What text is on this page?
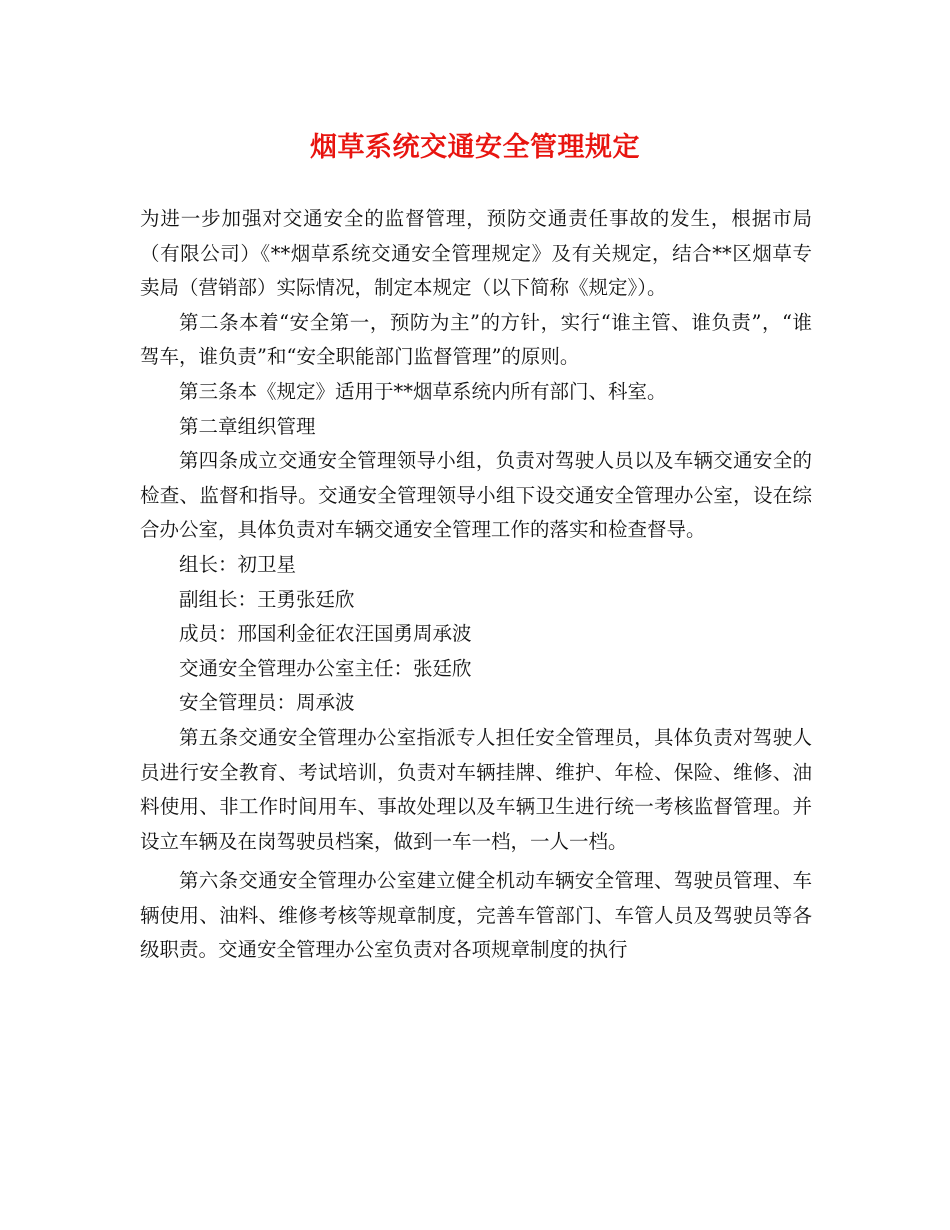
烟草系统交通安全管理规定

为进一步加强对交通安全的监督管理，预防交通责任事故的发生，根据市局（有限公司）《**烟草系统交通安全管理规定》及有关规定，结合**区烟草专卖局（营销部）实际情况，制定本规定（以下简称《规定》）。

第二条本着“安全第一，预防为主”的方针，实行“谁主管、谁负责”，“谁驾车，谁负责”和“安全职能部门监督管理”的原则。

第三条本《规定》适用于**烟草系统内所有部门、科室。

第二章组织管理

第四条成立交通安全管理领导小组，负责对驾驶人员以及车辆交通安全的检查、监督和指导。交通安全管理领导小组下设交通安全管理办公室，设在综合办公室，具体负责对车辆交通安全管理工作的落实和检查督导。

组长：初卫星

副组长：王勇张廷欣

成员：邢国利金征农汪国勇周承波

交通安全管理办公室主任：张廷欣

安全管理员：周承波

第五条交通安全管理办公室指派专人担任安全管理员，具体负责对驾驶人员进行安全教育、考试培训，负责对车辆挂牌、维护、年检、保险、维修、油料使用、非工作时间用车、事故处理以及车辆卫生进行统一考核监督管理。并设立车辆及在岗驾驶员档案，做到一车一档，一人一档。

第六条交通安全管理办公室建立健全机动车辆安全管理、驾驶员管理、车辆使用、油料、维修考核等规章制度，完善车管部门、车管人员及驾驶员等各级职责。交通安全管理办公室负责对各项规章制度的执行
